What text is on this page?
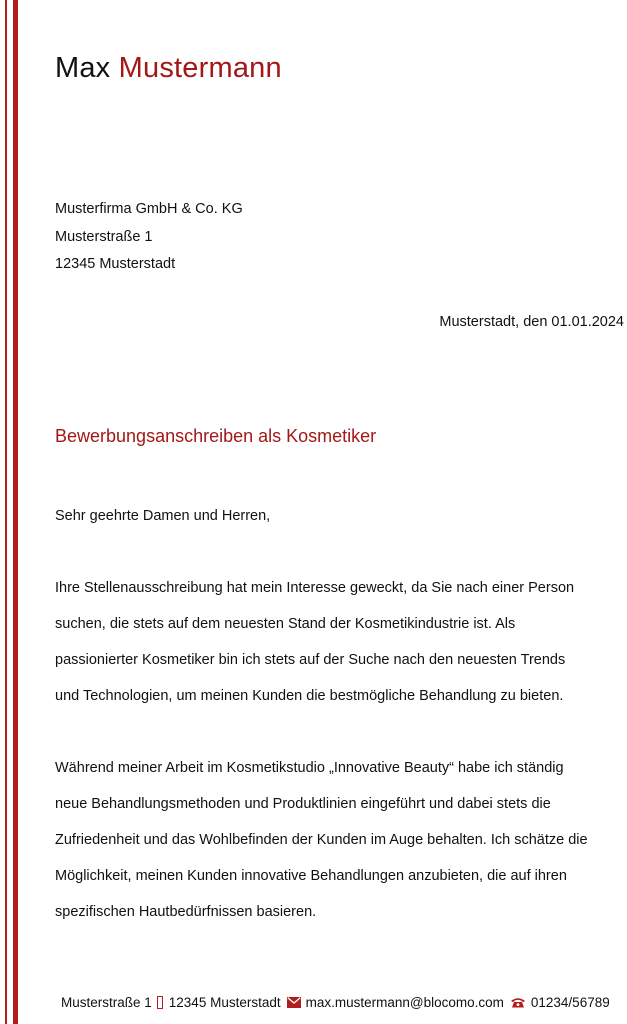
Max Mustermann
Musterfirma GmbH & Co. KG
Musterstraße 1
12345 Musterstadt
Musterstadt, den 01.01.2024
Bewerbungsanschreiben als Kosmetiker
Sehr geehrte Damen und Herren,

Ihre Stellenausschreibung hat mein Interesse geweckt, da Sie nach einer Person
suchen, die stets auf dem neuesten Stand der Kosmetikindustrie ist. Als
passionierter Kosmetiker bin ich stets auf der Suche nach den neuesten Trends
und Technologien, um meinen Kunden die bestmögliche Behandlung zu bieten.

Während meiner Arbeit im Kosmetikstudio „Innovative Beauty“ habe ich ständig
neue Behandlungsmethoden und Produktlinien eingeführt und dabei stets die
Zufriedenheit und das Wohlbefinden der Kunden im Auge behalten. Ich schätze die
Möglichkeit, meinen Kunden innovative Behandlungen anzubieten, die auf ihren
spezifischen Hautbedürfnissen basieren.

Musterstraße 1 12345 Musterstadt max.mustermann@blocomo.com 01234/56789
